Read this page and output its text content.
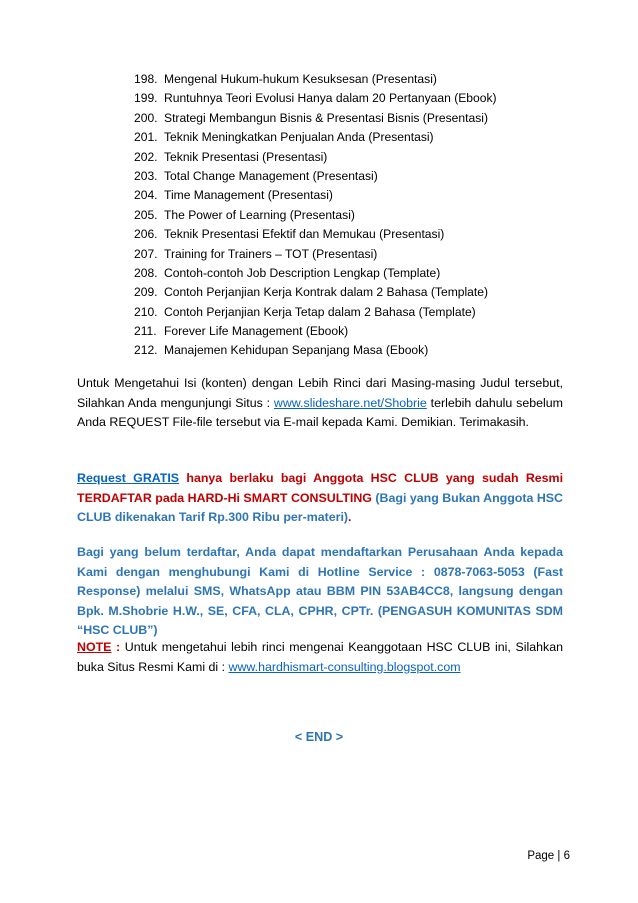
198. Mengenal Hukum-hukum Kesuksesan (Presentasi)
199. Runtuhnya Teori Evolusi Hanya dalam 20 Pertanyaan (Ebook)
200. Strategi Membangun Bisnis & Presentasi Bisnis (Presentasi)
201. Teknik Meningkatkan Penjualan Anda (Presentasi)
202. Teknik Presentasi (Presentasi)
203. Total Change Management (Presentasi)
204. Time Management (Presentasi)
205. The Power of Learning (Presentasi)
206. Teknik Presentasi Efektif dan Memukau (Presentasi)
207. Training for Trainers – TOT (Presentasi)
208. Contoh-contoh Job Description Lengkap (Template)
209. Contoh Perjanjian Kerja Kontrak dalam 2 Bahasa (Template)
210. Contoh Perjanjian Kerja Tetap dalam 2 Bahasa (Template)
211. Forever Life Management (Ebook)
212. Manajemen Kehidupan Sepanjang Masa (Ebook)

Untuk Mengetahui Isi (konten) dengan Lebih Rinci dari Masing-masing Judul tersebut, Silahkan Anda mengunjungi Situs : www.slideshare.net/Shobrie terlebih dahulu sebelum Anda REQUEST File-file tersebut via E-mail kepada Kami. Demikian. Terimakasih.

Request GRATIS hanya berlaku bagi Anggota HSC CLUB yang sudah Resmi TERDAFTAR pada HARD-Hi SMART CONSULTING (Bagi yang Bukan Anggota HSC CLUB dikenakan Tarif Rp.300 Ribu per-materi).

Bagi yang belum terdaftar, Anda dapat mendaftarkan Perusahaan Anda kepada Kami dengan menghubungi Kami di Hotline Service : 0878-7063-5053 (Fast Response) melalui SMS, WhatsApp atau BBM PIN 53AB4CC8, langsung dengan Bpk. M.Shobrie H.W., SE, CFA, CLA, CPHR, CPTr. (PENGASUH KOMUNITAS SDM “HSC CLUB”)

NOTE : Untuk mengetahui lebih rinci mengenai Keanggotaan HSC CLUB ini, Silahkan buka Situs Resmi Kami di : www.hardhismart-consulting.blogspot.com

< END >
Page | 6
